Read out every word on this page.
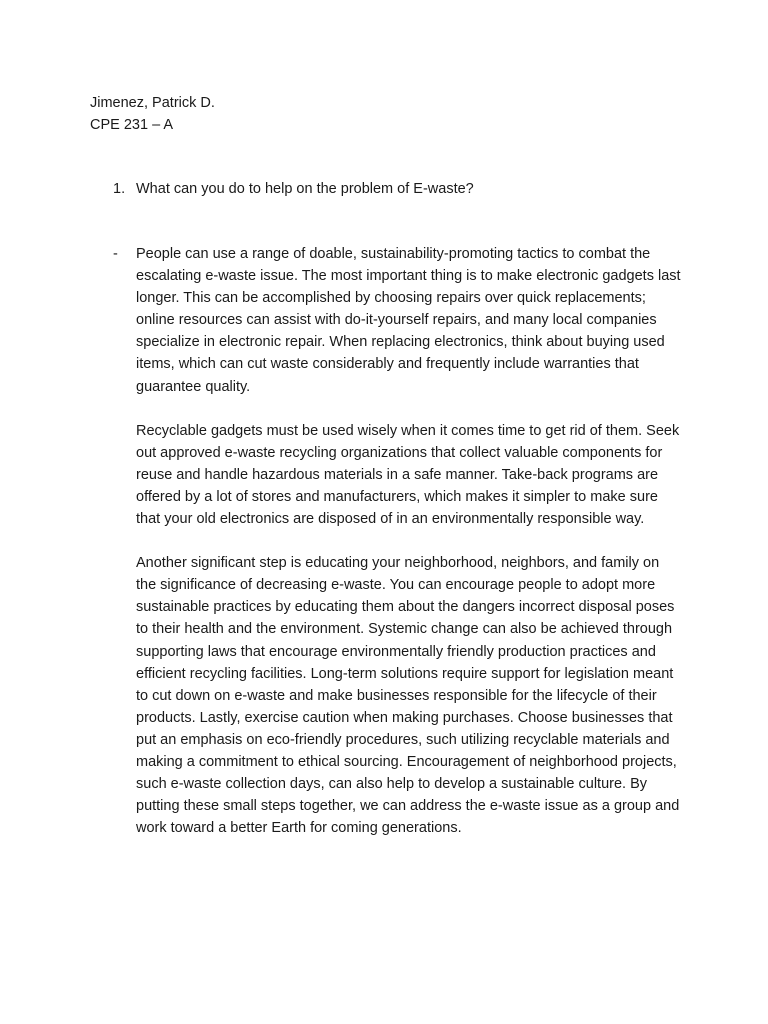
Jimenez, Patrick D.
CPE 231 – A
1. What can you do to help on the problem of E-waste?
- People can use a range of doable, sustainability-promoting tactics to combat the escalating e-waste issue. The most important thing is to make electronic gadgets last longer. This can be accomplished by choosing repairs over quick replacements; online resources can assist with do-it-yourself repairs, and many local companies specialize in electronic repair. When replacing electronics, think about buying used items, which can cut waste considerably and frequently include warranties that guarantee quality.

Recyclable gadgets must be used wisely when it comes time to get rid of them. Seek out approved e-waste recycling organizations that collect valuable components for reuse and handle hazardous materials in a safe manner. Take-back programs are offered by a lot of stores and manufacturers, which makes it simpler to make sure that your old electronics are disposed of in an environmentally responsible way.

Another significant step is educating your neighborhood, neighbors, and family on the significance of decreasing e-waste. You can encourage people to adopt more sustainable practices by educating them about the dangers incorrect disposal poses to their health and the environment. Systemic change can also be achieved through supporting laws that encourage environmentally friendly production practices and efficient recycling facilities. Long-term solutions require support for legislation meant to cut down on e-waste and make businesses responsible for the lifecycle of their products. Lastly, exercise caution when making purchases. Choose businesses that put an emphasis on eco-friendly procedures, such utilizing recyclable materials and making a commitment to ethical sourcing. Encouragement of neighborhood projects, such e-waste collection days, can also help to develop a sustainable culture. By putting these small steps together, we can address the e-waste issue as a group and work toward a better Earth for coming generations.
